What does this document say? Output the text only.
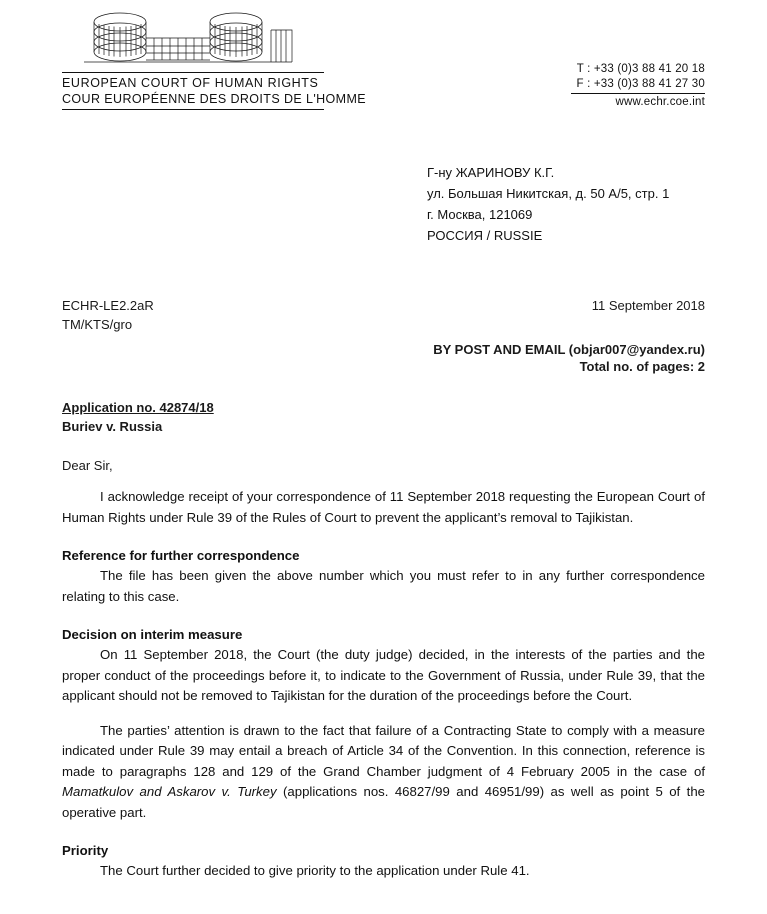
EUROPEAN COURT OF HUMAN RIGHTS
COUR EUROPÉENNE DES DROITS DE L'HOMME
T : +33 (0)3 88 41 20 18
F : +33 (0)3 88 41 27 30
www.echr.coe.int
Г-ну ЖАРИНОВУ К.Г.
ул. Большая Никитская, д. 50 А/5, стр. 1
г. Москва, 121069
РОССИЯ / RUSSIE
ECHR-LE2.2aR
TM/KTS/gro
11 September 2018
BY POST AND EMAIL (objar007@yandex.ru)
Total no. of pages: 2
Application no. 42874/18
Buriev v. Russia
Dear Sir,

I acknowledge receipt of your correspondence of 11 September 2018 requesting the European Court of Human Rights under Rule 39 of the Rules of Court to prevent the applicant’s removal to Tajikistan.

Reference for further correspondence

The file has been given the above number which you must refer to in any further correspondence relating to this case.

Decision on interim measure

On 11 September 2018, the Court (the duty judge) decided, in the interests of the parties and the proper conduct of the proceedings before it, to indicate to the Government of Russia, under Rule 39, that the applicant should not be removed to Tajikistan for the duration of the proceedings before the Court.

The parties’ attention is drawn to the fact that failure of a Contracting State to comply with a measure indicated under Rule 39 may entail a breach of Article 34 of the Convention. In this connection, reference is made to paragraphs 128 and 129 of the Grand Chamber judgment of 4 February 2005 in the case of Mamatkulov and Askarov v. Turkey (applications nos. 46827/99 and 46951/99) as well as point 5 of the operative part.

Priority

The Court further decided to give priority to the application under Rule 41.
